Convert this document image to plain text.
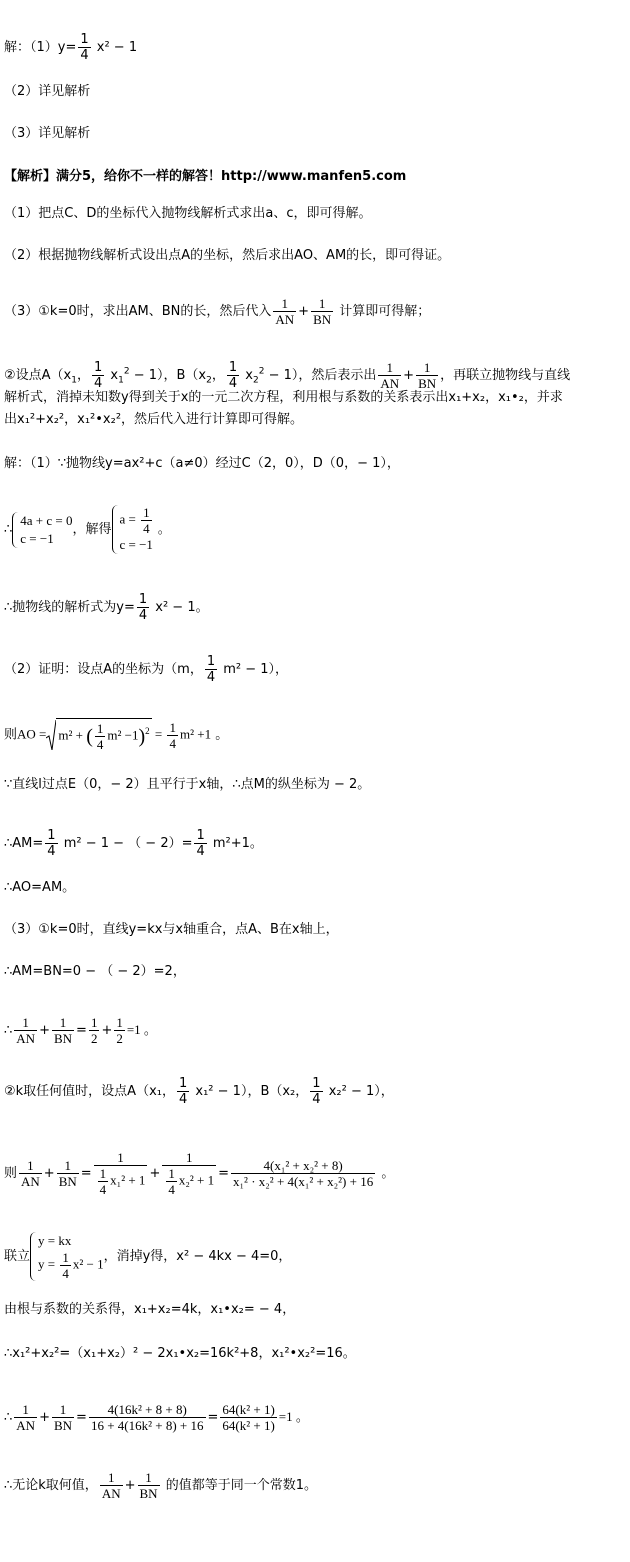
解：$(1)y= \frac{1}{4} x^2 - 1$
（2）详见解析
（3）详见解析
【解析】满分5，给你不一样的解答！http://www.manfen5.com
（1）把点C、D的坐标代入抛物线解析式求出a、c，即可得解。
（2）根据抛物线解析式设出点A的坐标，然后求出AO、AM的长，即可得证。
（3）①k=0时，求出AM、BN的长，然后代入 $\frac{1}{AN} + \frac{1}{BN}$ 计算即可得解；
②设点$A(x_1$， $\frac{1}{4} x_1^2 - 1$），$B(x_2$， $\frac{1}{4} x_2^2 - 1$），然后表示出 $\frac{1}{AN} + \frac{1}{BN}$ ，再联立抛物线与直线
解析式，消掉未知数y得到关于x的一元二次方程，利用根与系数的关系表示出x₁+x₂，x₁•₂，并求
出x₁²+x₂²，x₁²•x₂²，然后代入进行计算即可得解。
解：（1）∵抛物线y=ax²+c（a≠0）经过C（2，0），D（0，− 1），
∴
4a + c = 0
c = −1
，解得
$a = \frac{1}{4}$
c = −1
。
∴抛物线的解析式为$y= \frac{1}{4} x^2 - 1$。
（2）证明：设点A的坐标为（m， $\frac{1}{4} m^2 - 1$），
则AO = m² + ( $\frac{1}{4} m^2 -1)^2 = \frac{1}{4} m^2 +1$ 。
∵直线l过点E（0，− 2）且平行于x轴，∴点M的纵坐标为 − 2。
∴AM= $\frac{1}{4} m^2 - 1$ − （ − $2)= \frac{1}{4} m^2+1$。
∴AO=AM。
（3）①k=0时，直线y=kx与x轴重合，点A、B在x轴上，
∴AM=BN=0 − （ − 2）=2，
∴ $\frac{1}{AN} + \frac{1}{BN} = \frac{1}{2} + \frac{1}{2} =1$ 。
②k取任何值时，设点A（x₁， $\frac{1}{4} x_1^2 - 1$），B（x₂， $\frac{1}{4} x_2^2 - 1$），
则 $\frac{1}{AN} + \frac{1}{BN} = \frac{1}{\frac{1}{4} x_1^2 + 1} + \frac{1}{\frac{1}{4} x_2^2 + 1} = \frac{\text{4(x₁² + x₂² + 8)}}{\text{x₁² · x₂² + 4(x₁² + x₂²) + 16}}$ 。
联立
y = kx
$y = \frac{1}{4} x^2 - 1$ ，消掉y得，x² − 4kx − 4=0，
由根与系数的关系得，x₁+x₂=4k，x₁•x₂= − 4，
∴x₁²+x₂²=（x₁+x₂）² − 2x₁•x₂=16k²+8，x₁²•x₂²=16。
∴ $\frac{1}{AN} + \frac{1}{BN} = \frac{\text{4(16k² + 8 + 8)}}{\text{16 + 4(16k² + 8) + 16}} = \frac{\text{64(k² + 1)}}{\text{64(k² + 1)}} =1$ 。
∴无论k取何值， $\frac{1}{AN} + \frac{1}{BN}$ 的值都等于同一个常数1。
